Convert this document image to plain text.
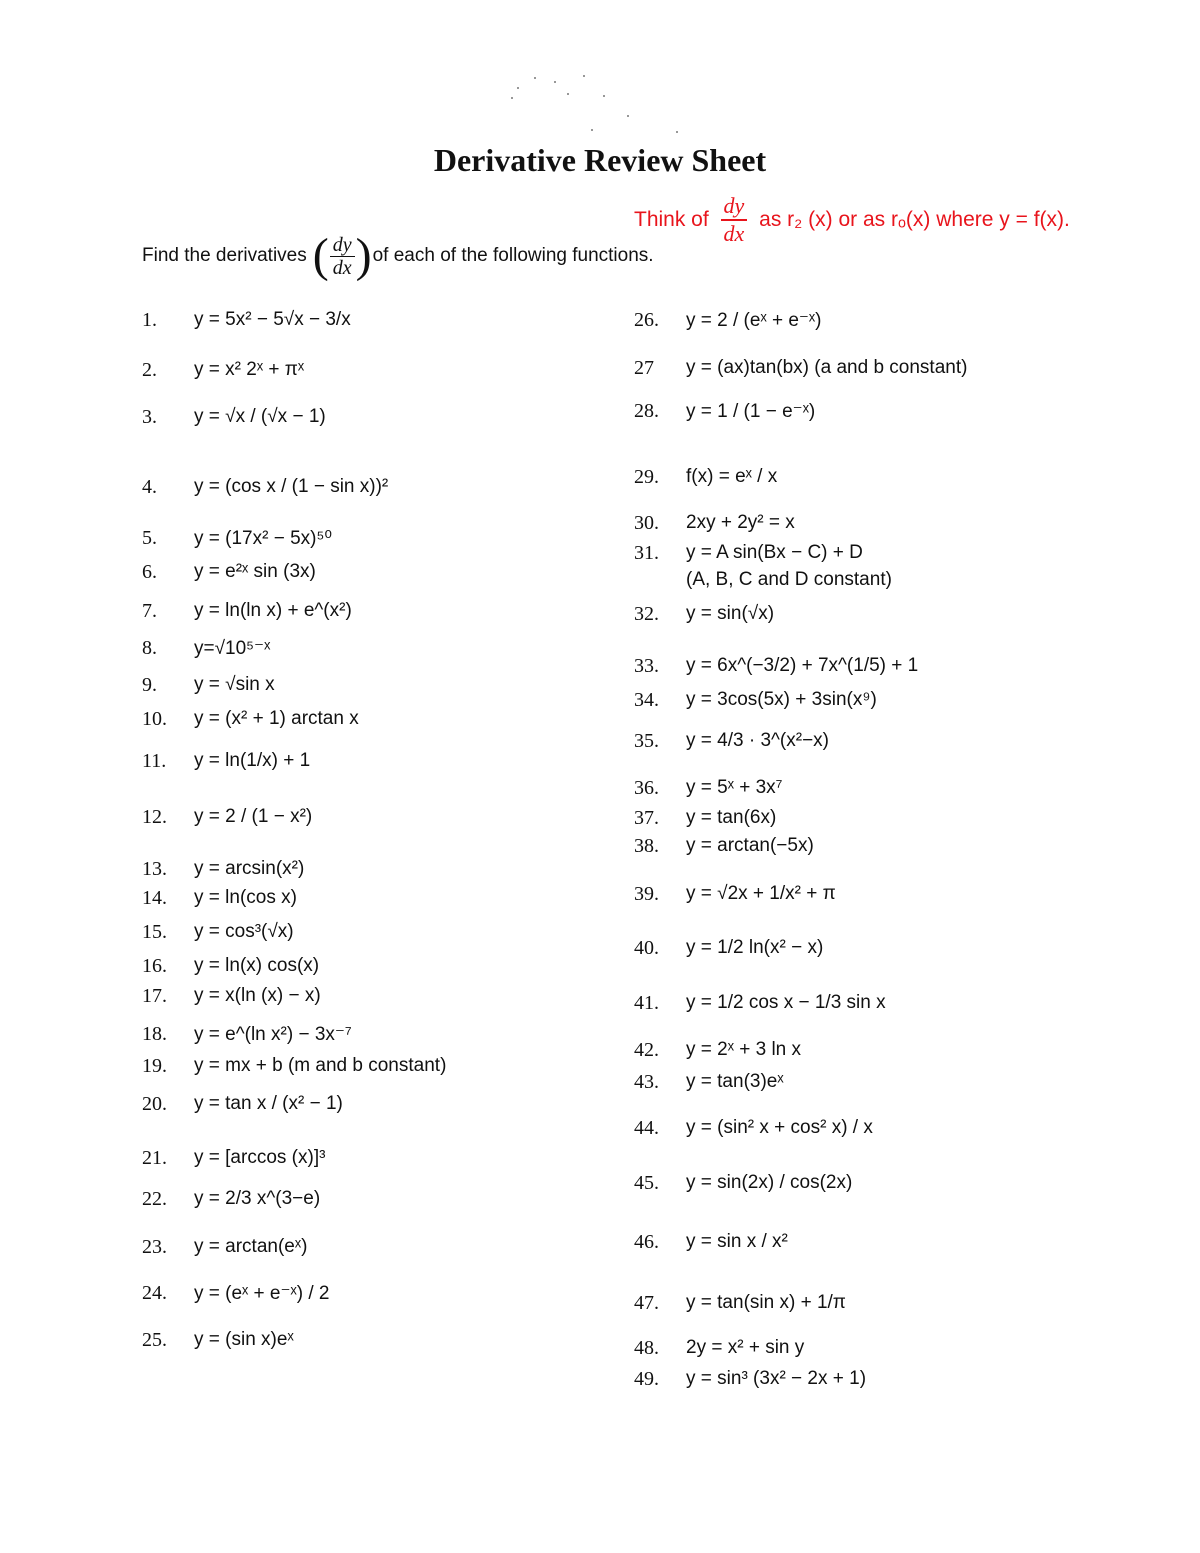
Derivative Review Sheet
Think of $\frac{dy}{dx}$ as r₂ (x) or as rₒ(x) where y = f(x).
Find the derivatives ( $\frac{dy}{dx}$ ) of each of the following functions.
1.	y = 5x² − 5√x − 3/x
2.	y = x² 2ˣ + πˣ
3.	y = √x / (√x − 1)
4.	y = (cos x / (1 − sin x))²
5.	y = (17x² − 5x)⁵⁰
6.	y = e²ˣ sin (3x)
7.	y = ln(ln x) + e^(x²)
8.	y=√10⁵⁻ˣ
9.	y = √sin x
10.	y = (x² + 1) arctan x
11.	y = ln(1/x) + 1
12.	y = 2 / (1 − x²)
13.	y = arcsin(x²)
14.	y = ln(cos x)
15.	y = cos³(√x)
16.	y = ln(x) cos(x)
17.	y = x(ln (x) − x)
18.	y = e^(ln x²) − 3x⁻⁷
19.	y = mx + b (m and b constant)
20.	y = tan x / (x² − 1)
21.	y = [arccos (x)]³
22.	y = 2/3 x^(3−e)
23.	y = arctan(eˣ)
24.	y = (eˣ + e⁻ˣ) / 2
25.	y = (sin x)eˣ
26.	y = 2 / (eˣ + e⁻ˣ)
27	y = (ax)tan(bx) (a and b constant)
28.	y = 1 / (1 − e⁻ˣ)
29.	f(x) = eˣ / x
30.	2xy + 2y² = x
31.	y = A sin(Bx − C) + D
(A, B, C and D constant)
32.	y = sin(√x)
33.	y = 6x^(−3/2) + 7x^(1/5) + 1
34.	y = 3cos(5x) + 3sin(x⁹)
35.	y = 4/3 · 3^(x²−x)
36.	y = 5ˣ + 3x⁷
37.	y = tan(6x)
38.	y = arctan(−5x)
39.	y = √2x + 1/x² + π
40.	y = 1/2 ln(x² − x)
41.	y = 1/2 cos x − 1/3 sin x
42.	y = 2ˣ + 3 ln x
43.	y = tan(3)eˣ
44.	y = (sin² x + cos² x) / x
45.	y = sin(2x) / cos(2x)
46.	y = sin x / x²
47.	y = tan(sin x) + 1/π
48.	2y = x² + sin y
49.	y = sin³ (3x² − 2x + 1)
